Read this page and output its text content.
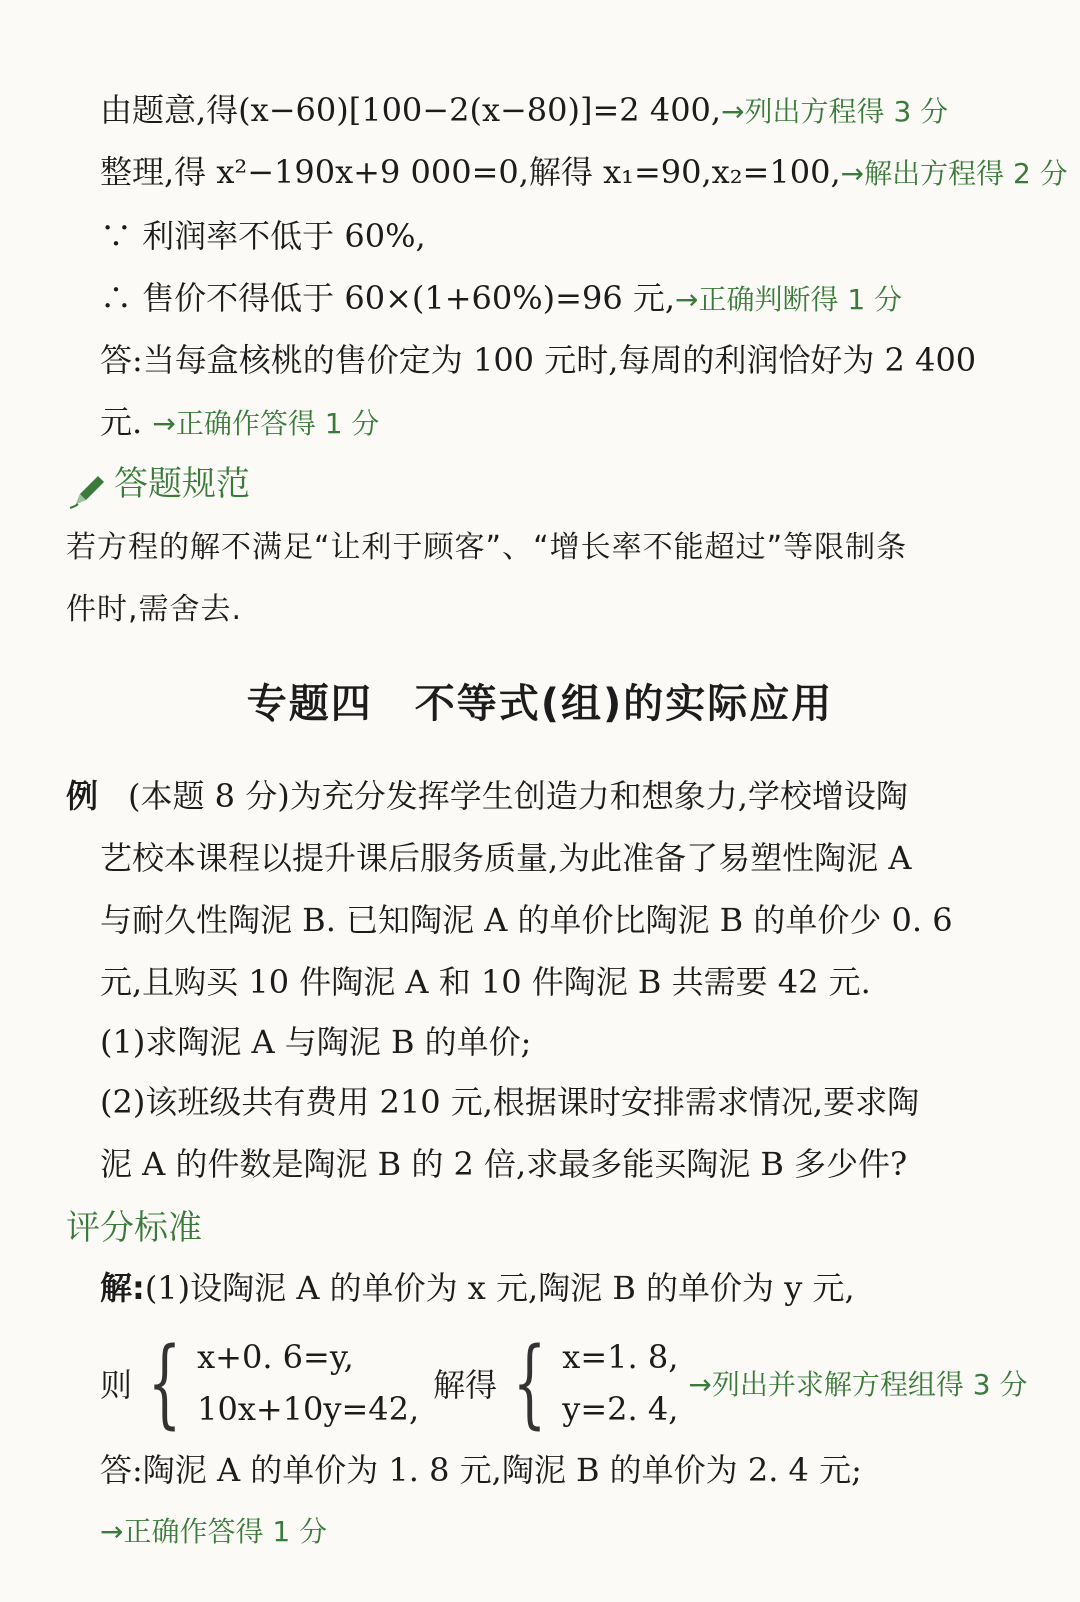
由题意,得(x−60)[100−2(x−80)]=2 400,→列出方程得 3 分
整理,得 x²−190x+9 000=0,解得 x₁=90,x₂=100,→解出方程得 2 分
∵ 利润率不低于 60%,
∴ 售价不得低于 60×(1+60%)=96 元,→正确判断得 1 分
答:当每盒核桃的售价定为 100 元时,每周的利润恰好为 2 400
元. →正确作答得 1 分
答题规范
若方程的解不满足“让利于顾客”、“增长率不能超过”等限制条
件时,需舍去.
专题四　不等式(组)的实际应用
例 (本题 8 分)为充分发挥学生创造力和想象力,学校增设陶
艺校本课程以提升课后服务质量,为此准备了易塑性陶泥 A
与耐久性陶泥 B. 已知陶泥 A 的单价比陶泥 B 的单价少 0. 6
元,且购买 10 件陶泥 A 和 10 件陶泥 B 共需要 42 元.
(1)求陶泥 A 与陶泥 B 的单价;
(2)该班级共有费用 210 元,根据课时安排需求情况,要求陶
泥 A 的件数是陶泥 B 的 2 倍,求最多能买陶泥 B 多少件?
评分标准
解:(1)设陶泥 A 的单价为 x 元,陶泥 B 的单价为 y 元,
则 { x+0. 6=y,
10x+10y=42,
解得 { x=1. 8,
y=2. 4,
→列出并求解方程组得 3 分
答:陶泥 A 的单价为 1. 8 元,陶泥 B 的单价为 2. 4 元;
→正确作答得 1 分
